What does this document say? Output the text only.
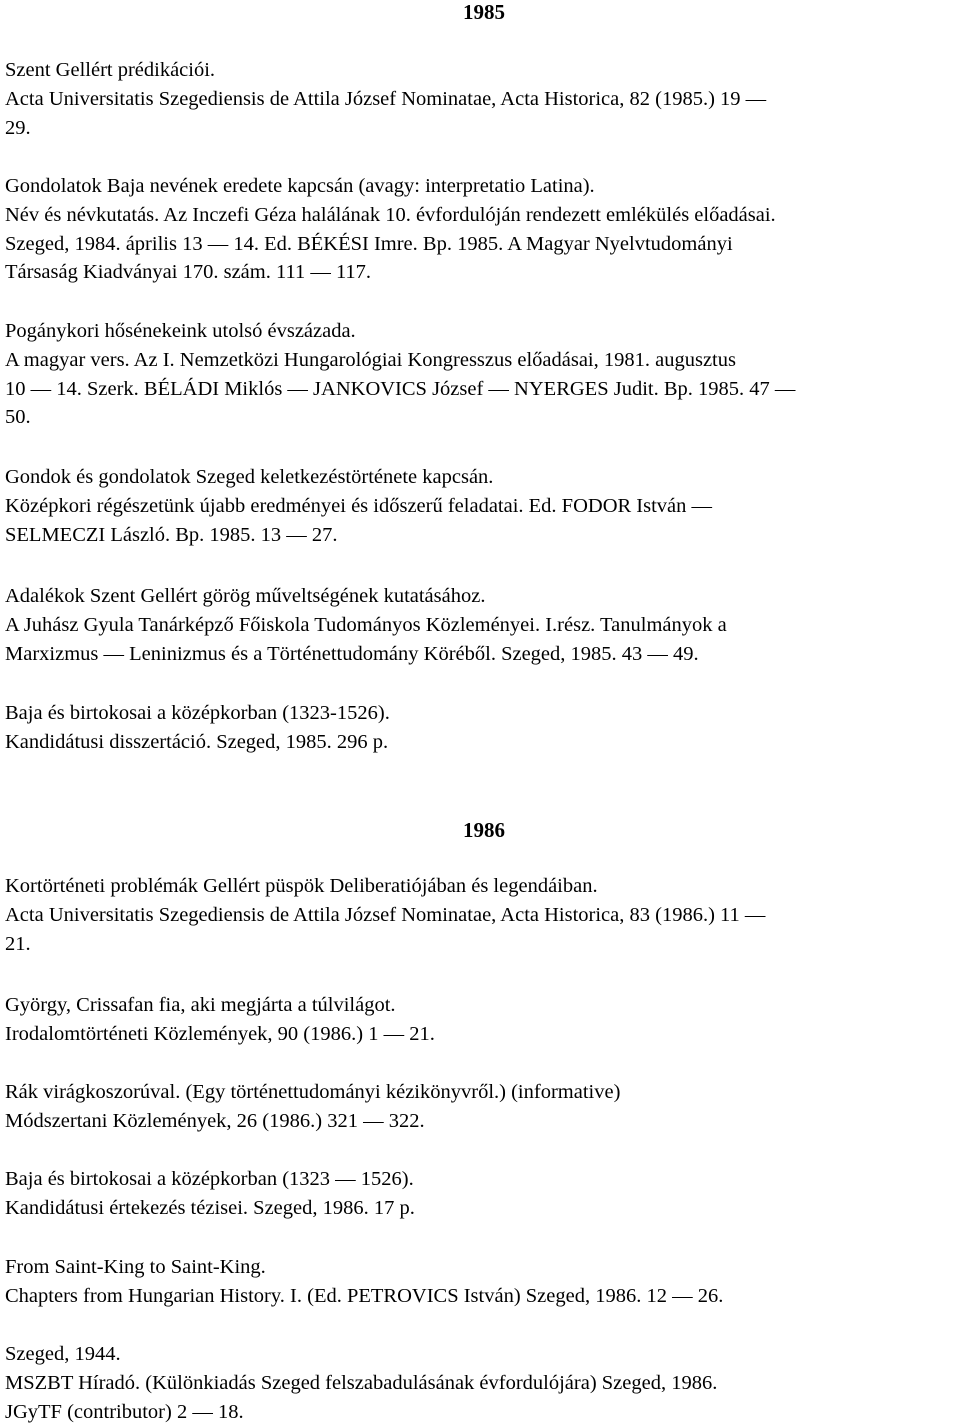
1985
Szent Gellért prédikációi.
Acta Universitatis Szegediensis de Attila József Nominatae, Acta Historica, 82 (1985.) 19 —
29.
Gondolatok Baja nevének eredete kapcsán (avagy: interpretatio Latina).
Név és névkutatás. Az Inczefi Géza halálának 10. évfordulóján rendezett emlékülés előadásai.
Szeged, 1984. április 13 — 14. Ed. BÉKÉSI Imre. Bp. 1985. A Magyar Nyelvtudományi
Társaság Kiadványai 170. szám. 111 — 117.
Pogánykori hősénekeink utolsó évszázada.
A magyar vers. Az I. Nemzetközi Hungarológiai Kongresszus előadásai, 1981. augusztus
10 — 14. Szerk. BÉLÁDI Miklós — JANKOVICS József — NYERGES Judit. Bp. 1985. 47 —
50.
Gondok és gondolatok Szeged keletkezéstörténete kapcsán.
Középkori régészetünk újabb eredményei és időszerű feladatai. Ed. FODOR István —
SELMECZI László. Bp. 1985. 13 — 27.
Adalékok Szent Gellért görög műveltségének kutatásához.
A Juhász Gyula Tanárképző Főiskola Tudományos Közleményei. I.rész. Tanulmányok a
Marxizmus — Leninizmus és a Történettudomány Köréből. Szeged, 1985. 43 — 49.
Baja és birtokosai a középkorban (1323-1526).
Kandidátusi disszertáció. Szeged, 1985. 296 p.
1986
Kortörténeti problémák Gellért püspök Deliberatiójában és legendáiban.
Acta Universitatis Szegediensis de Attila József Nominatae, Acta Historica, 83 (1986.) 11 —
21.
György, Crissafan fia, aki megjárta a túlvilágot.
Irodalomtörténeti Közlemények, 90 (1986.) 1 — 21.
Rák virágkoszorúval. (Egy történettudományi kézikönyvről.) (informative)
Módszertani Közlemények, 26 (1986.) 321 — 322.
Baja és birtokosai a középkorban (1323 — 1526).
Kandidátusi értekezés tézisei. Szeged, 1986. 17 p.
From Saint-King to Saint-King.
Chapters from Hungarian History. I. (Ed. PETROVICS István) Szeged, 1986. 12 — 26.
Szeged, 1944.
MSZBT Híradó. (Különkiadás Szeged felszabadulásának évfordulójára) Szeged, 1986.
JGyTF (contributor) 2 — 18.
